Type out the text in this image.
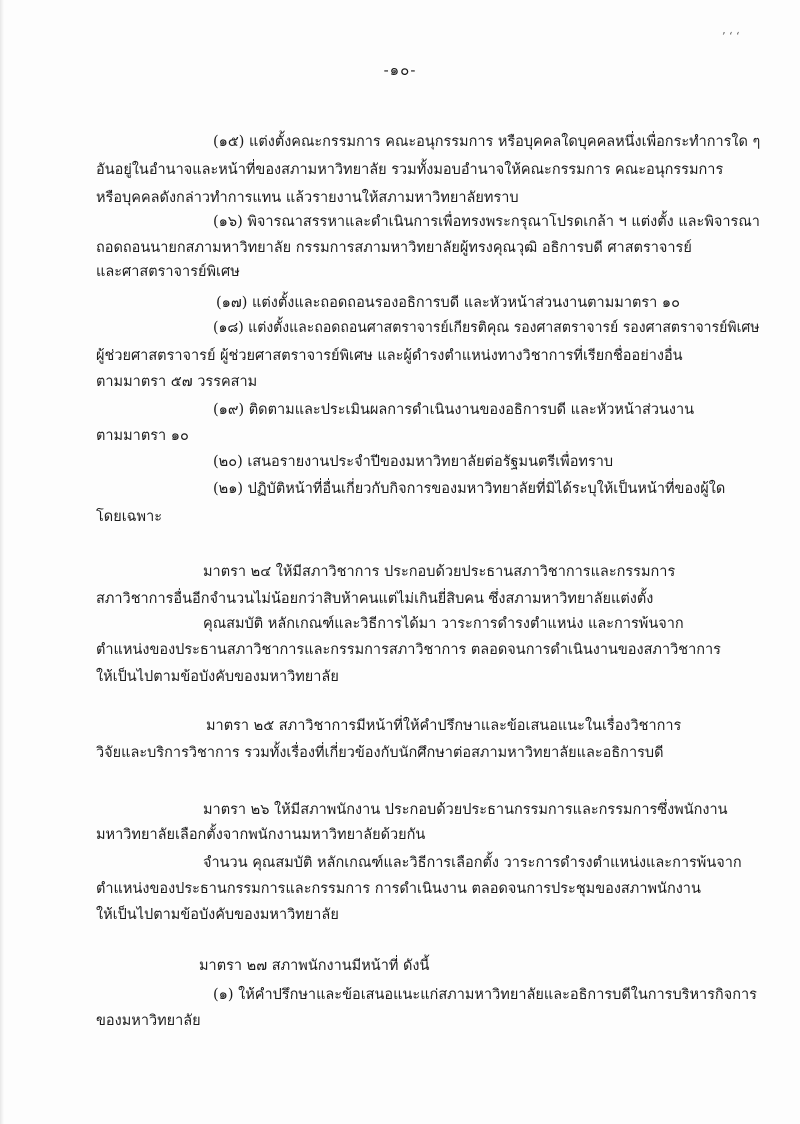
’ ‘ ‘
-๑๐-
(๑๕) แต่งตั้งคณะกรรมการ คณะอนุกรรมการ หรือบุคคลใดบุคคลหนึ่งเพื่อกระทำการใด ๆ
อันอยู่ในอำนาจและหน้าที่ของสภามหาวิทยาลัย รวมทั้งมอบอำนาจให้คณะกรรมการ คณะอนุกรรมการ
หรือบุคคลดังกล่าวทำการแทน แล้วรายงานให้สภามหาวิทยาลัยทราบ
(๑๖) พิจารณาสรรหาและดำเนินการเพื่อทรงพระกรุณาโปรดเกล้า ฯ แต่งตั้ง และพิจารณา
ถอดถอนนายกสภามหาวิทยาลัย กรรมการสภามหาวิทยาลัยผู้ทรงคุณวุฒิ อธิการบดี ศาสตราจารย์
และศาสตราจารย์พิเศษ
(๑๗) แต่งตั้งและถอดถอนรองอธิการบดี และหัวหน้าส่วนงานตามมาตรา ๑๐
(๑๘) แต่งตั้งและถอดถอนศาสตราจารย์เกียรติคุณ รองศาสตราจารย์ รองศาสตราจารย์พิเศษ
ผู้ช่วยศาสตราจารย์ ผู้ช่วยศาสตราจารย์พิเศษ และผู้ดำรงตำแหน่งทางวิชาการที่เรียกชื่ออย่างอื่น
ตามมาตรา ๕๗ วรรคสาม
(๑๙) ติดตามและประเมินผลการดำเนินงานของอธิการบดี และหัวหน้าส่วนงาน
ตามมาตรา ๑๐
(๒๐) เสนอรายงานประจำปีของมหาวิทยาลัยต่อรัฐมนตรีเพื่อทราบ
(๒๑) ปฏิบัติหน้าที่อื่นเกี่ยวกับกิจการของมหาวิทยาลัยที่มิได้ระบุให้เป็นหน้าที่ของผู้ใด
โดยเฉพาะ
มาตรา ๒๔ ให้มีสภาวิชาการ ประกอบด้วยประธานสภาวิชาการและกรรมการ
สภาวิชาการอื่นอีกจำนวนไม่น้อยกว่าสิบห้าคนแต่ไม่เกินยี่สิบคน ซึ่งสภามหาวิทยาลัยแต่งตั้ง
คุณสมบัติ หลักเกณฑ์และวิธีการได้มา วาระการดำรงตำแหน่ง และการพ้นจาก
ตำแหน่งของประธานสภาวิชาการและกรรมการสภาวิชาการ ตลอดจนการดำเนินงานของสภาวิชาการ
ให้เป็นไปตามข้อบังคับของมหาวิทยาลัย
มาตรา ๒๕ สภาวิชาการมีหน้าที่ให้คำปรึกษาและข้อเสนอแนะในเรื่องวิชาการ
วิจัยและบริการวิชาการ รวมทั้งเรื่องที่เกี่ยวข้องกับนักศึกษาต่อสภามหาวิทยาลัยและอธิการบดี
มาตรา ๒๖ ให้มีสภาพนักงาน ประกอบด้วยประธานกรรมการและกรรมการซึ่งพนักงาน
มหาวิทยาลัยเลือกตั้งจากพนักงานมหาวิทยาลัยด้วยกัน
จำนวน คุณสมบัติ หลักเกณฑ์และวิธีการเลือกตั้ง วาระการดำรงตำแหน่งและการพ้นจาก
ตำแหน่งของประธานกรรมการและกรรมการ การดำเนินงาน ตลอดจนการประชุมของสภาพนักงาน
ให้เป็นไปตามข้อบังคับของมหาวิทยาลัย
มาตรา ๒๗ สภาพนักงานมีหน้าที่ ดังนี้
(๑) ให้คำปรึกษาและข้อเสนอแนะแก่สภามหาวิทยาลัยและอธิการบดีในการบริหารกิจการ
ของมหาวิทยาลัย
